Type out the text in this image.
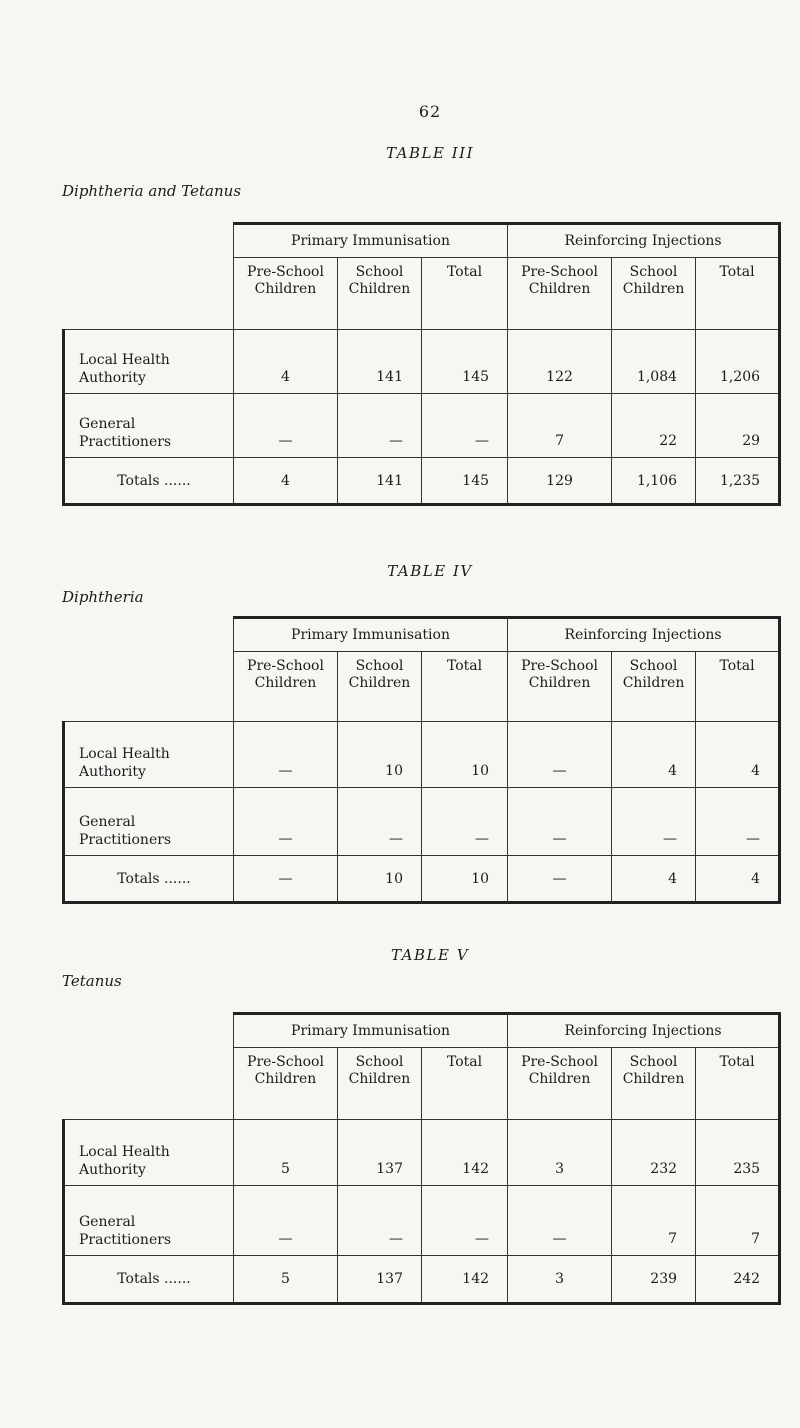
62
TABLE III
Diphtheria and Tetanus
	Primary Immunisation			Reinforcing Injections		
	Pre-School Children	School Children	Total	Pre-School Children	School Children	Total
Local Health
Authority	4	141	145	122	1,084	1,206
General
Practitioners	—	—	—	7	22	29
Totals ......	4	141	145	129	1,106	1,235
TABLE IV
Diphtheria
	Primary Immunisation			Reinforcing Injections		
	Pre-School Children	School Children	Total	Pre-School Children	School Children	Total
Local Health
Authority	—	10	10	—	4	4
General
Practitioners	—	—	—	—	—	—
Totals ......	—	10	10	—	4	4
TABLE V
Tetanus
	Primary Immunisation			Reinforcing Injections		
	Pre-School Children	School Children	Total	Pre-School Children	School Children	Total
Local Health
Authority	5	137	142	3	232	235
General
Practitioners	—	—	—	—	7	7
Totals ......	5	137	142	3	239	242
